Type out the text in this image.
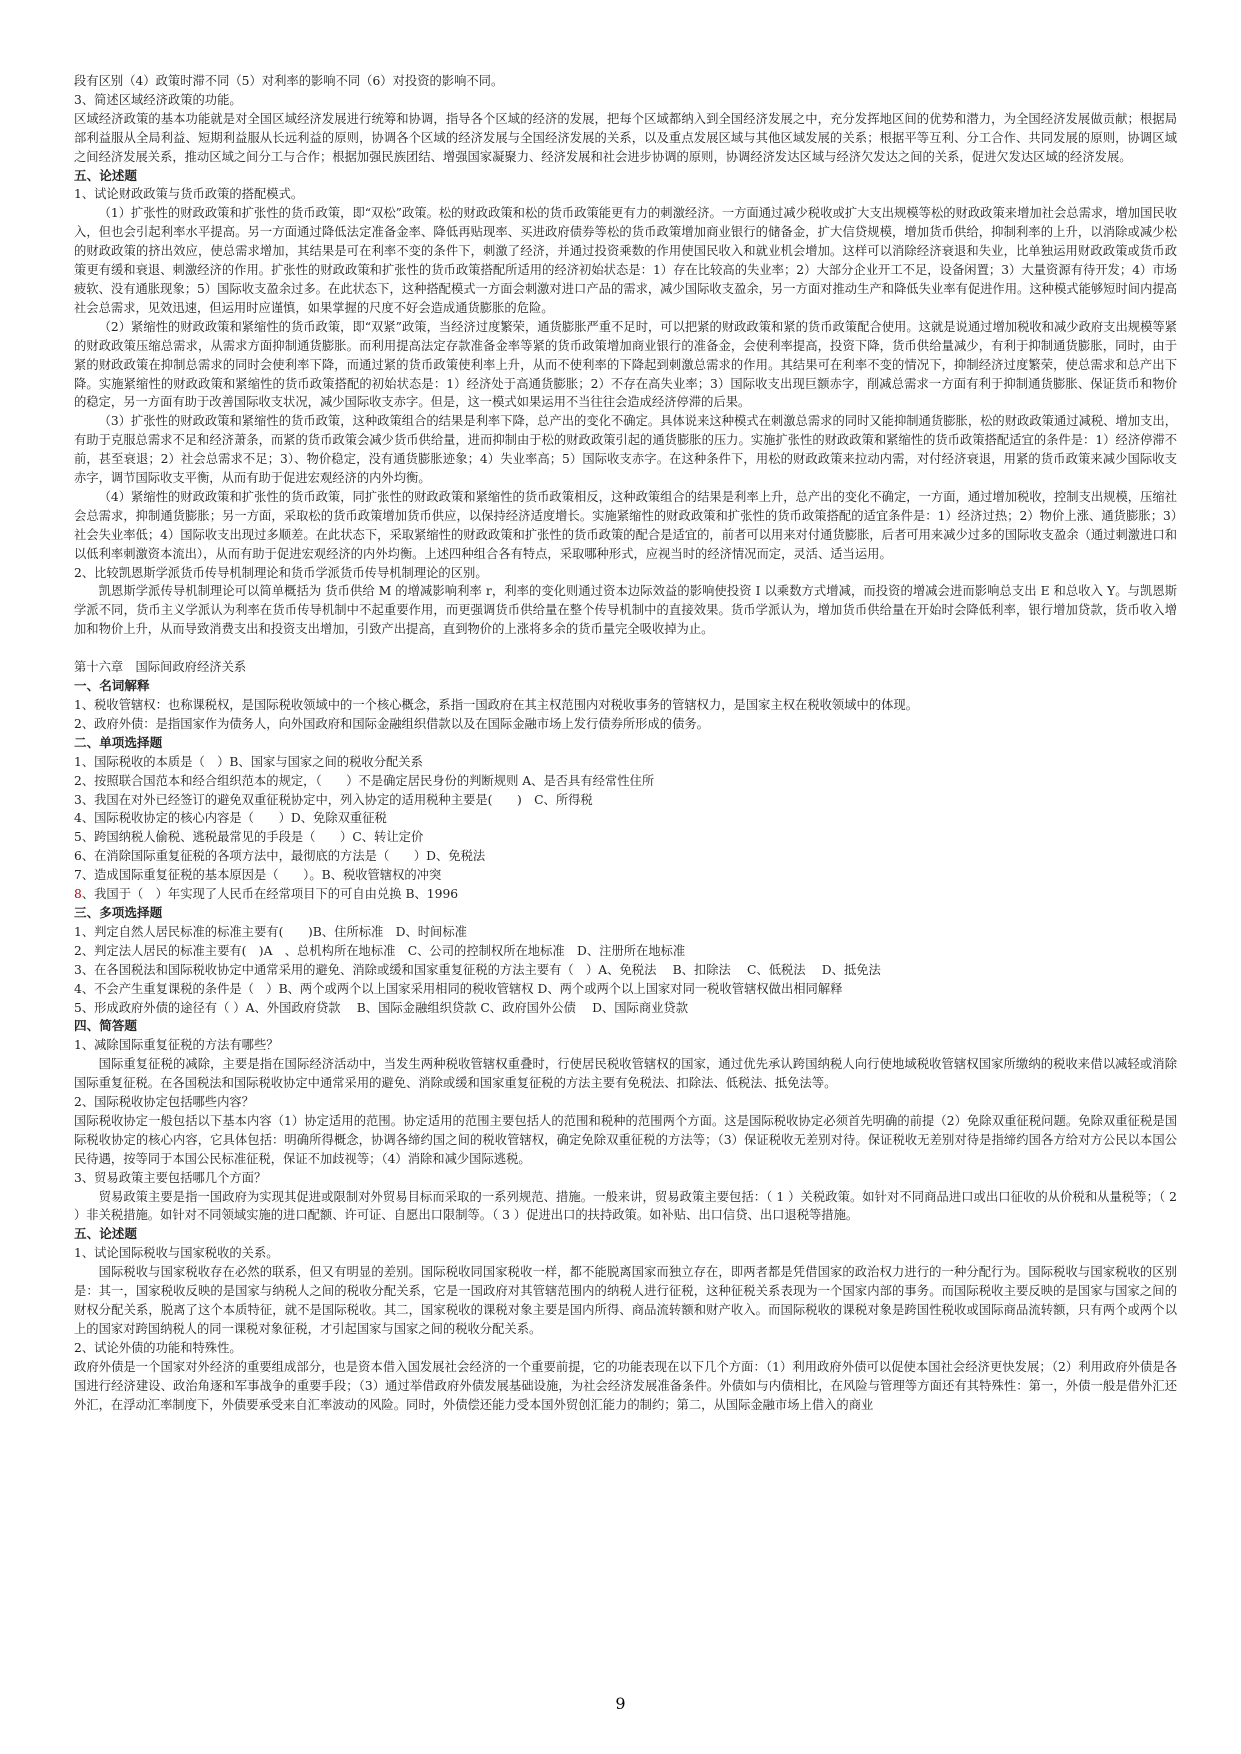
段有区别（4）政策时滞不同（5）对利率的影响不同（6）对投资的影响不同。

3、简述区域经济政策的功能。

区域经济政策的基本功能就是对全国区域经济发展进行统筹和协调，指导各个区域的经济的发展，把每个区域都纳入到全国经济发展之中，充分发挥地区间的优势和潜力，为全国经济发展做贡献；根据局部利益服从全局利益、短期利益服从长远利益的原则，协调各个区域的经济发展与全国经济发展的关系，以及重点发展区域与其他区域发展的关系；根据平等互利、分工合作、共同发展的原则，协调区域之间经济发展关系，推动区域之间分工与合作；根据加强民族团结、增强国家凝聚力、经济发展和社会进步协调的原则，协调经济发达区域与经济欠发达之间的关系，促进欠发达区域的经济发展。

五、论述题

1、试论财政政策与货币政策的搭配模式。

（1）扩张性的财政政策和扩张性的货币政策，即“双松”政策。松的财政政策和松的货币政策能更有力的刺激经济。一方面通过减少税收或扩大支出规模等松的财政政策来增加社会总需求，增加国民收入，但也会引起利率水平提高。另一方面通过降低法定准备金率、降低再贴现率、买进政府债券等松的货币政策增加商业银行的储备金，扩大信贷规模，增加货币供给，抑制利率的上升，以消除或减少松的财政政策的挤出效应，使总需求增加，其结果是可在利率不变的条件下，刺激了经济，并通过投资乘数的作用使国民收入和就业机会增加。这样可以消除经济衰退和失业，比单独运用财政政策或货币政策更有缓和衰退、刺激经济的作用。扩张性的财政政策和扩张性的货币政策搭配所适用的经济初始状态是：1）存在比较高的失业率；2）大部分企业开工不足，设备闲置；3）大量资源有待开发；4）市场疲软、没有通胀现象；5）国际收支盈余过多。在此状态下，这种搭配模式一方面会刺激对进口产品的需求，减少国际收支盈余，另一方面对推动生产和降低失业率有促进作用。这种模式能够短时间内提高社会总需求，见效迅速，但运用时应谨慎，如果掌握的尺度不好会造成通货膨胀的危险。

（2）紧缩性的财政政策和紧缩性的货币政策，即“双紧”政策，当经济过度繁荣，通货膨胀严重不足时，可以把紧的财政政策和紧的货币政策配合使用。这就是说通过增加税收和减少政府支出规模等紧的财政政策压缩总需求，从需求方面抑制通货膨胀。而利用提高法定存款准备金率等紧的货币政策增加商业银行的准备金，会使利率提高，投资下降，货币供给量减少，有利于抑制通货膨胀，同时，由于紧的财政政策在抑制总需求的同时会使利率下降，而通过紧的货币政策使利率上升，从而不使利率的下降起到刺激总需求的作用。其结果可在利率不变的情况下，抑制经济过度繁荣，使总需求和总产出下降。实施紧缩性的财政政策和紧缩性的货币政策搭配的初始状态是：1）经济处于高通货膨胀；2）不存在高失业率；3）国际收支出现巨额赤字，削减总需求一方面有利于抑制通货膨胀、保证货币和物价的稳定，另一方面有助于改善国际收支状况，减少国际收支赤字。但是，这一模式如果运用不当往往会造成经济停滞的后果。

（3）扩张性的财政政策和紧缩性的货币政策，这种政策组合的结果是利率下降，总产出的变化不确定。具体说来这种模式在刺激总需求的同时又能抑制通货膨胀，松的财政政策通过减税、增加支出，有助于克服总需求不足和经济萧条，而紧的货币政策会减少货币供给量，进而抑制由于松的财政政策引起的通货膨胀的压力。实施扩张性的财政政策和紧缩性的货币政策搭配适宜的条件是：1）经济停滞不前，甚至衰退；2）社会总需求不足；3）、物价稳定，没有通货膨胀迹象；4）失业率高；5）国际收支赤字。在这种条件下，用松的财政政策来拉动内需，对付经济衰退，用紧的货币政策来减少国际收支赤字，调节国际收支平衡，从而有助于促进宏观经济的内外均衡。

（4）紧缩性的财政政策和扩张性的货币政策，同扩张性的财政政策和紧缩性的货币政策相反，这种政策组合的结果是利率上升，总产出的变化不确定，一方面，通过增加税收，控制支出规模，压缩社会总需求，抑制通货膨胀；另一方面，采取松的货币政策增加货币供应，以保持经济适度增长。实施紧缩性的财政政策和扩张性的货币政策搭配的适宜条件是：1）经济过热；2）物价上涨、通货膨胀；3）社会失业率低；4）国际收支出现过多顺差。在此状态下，采取紧缩性的财政政策和扩张性的货币政策的配合是适宜的，前者可以用来对付通货膨胀，后者可用来减少过多的国际收支盈余（通过刺激进口和以低利率刺激资本流出），从而有助于促进宏观经济的内外均衡。上述四种组合各有特点，采取哪种形式，应视当时的经济情况而定，灵活、适当运用。

2、比较凯恩斯学派货币传导机制理论和货币学派货币传导机制理论的区别。

凯恩斯学派传导机制理论可以简单概括为 货币供给 M 的增减影响利率 r，利率的变化则通过资本边际效益的影响使投资 I 以乘数方式增减，而投资的增减会进而影响总支出 E 和总收入 Y。与凯恩斯学派不同，货币主义学派认为利率在货币传导机制中不起重要作用，而更强调货币供给量在整个传导机制中的直接效果。货币学派认为，增加货币供给量在开始时会降低利率，银行增加贷款，货币收入增加和物价上升，从而导致消费支出和投资支出增加，引致产出提高，直到物价的上涨将多余的货币量完全吸收掉为止。

第十六章　国际间政府经济关系

一、名词解释

1、税收管辖权：也称课税权，是国际税收领域中的一个核心概念，系指一国政府在其主权范围内对税收事务的管辖权力，是国家主权在税收领域中的体现。

2、政府外债：是指国家作为债务人，向外国政府和国际金融组织借款以及在国际金融市场上发行债券所形成的债务。

二、单项选择题

1、国际税收的本质是（　）B、国家与国家之间的税收分配关系

2、按照联合国范本和经合组织范本的规定，（　　）不是确定居民身份的判断规则 A、是否具有经常性住所

3、我国在对外已经签订的避免双重征税协定中，列入协定的适用税种主要是(　　)　C、所得税

4、国际税收协定的核心内容是（　　）D、免除双重征税

5、跨国纳税人偷税、逃税最常见的手段是（　　）C、转让定价

6、在消除国际重复征税的各项方法中，最彻底的方法是（　　）D、免税法

7、造成国际重复征税的基本原因是（　　）。B、税收管辖权的冲突

8、我国于（　）年实现了人民币在经常项目下的可自由兑换 B、1996

三、多项选择题

1、判定自然人居民标准的标准主要有(　　)B、住所标准　D、时间标准

2、判定法人居民的标准主要有(　)A　、总机构所在地标准　C、公司的控制权所在地标准　D、注册所在地标准

3、在各国税法和国际税收协定中通常采用的避免、消除或缓和国家重复征税的方法主要有（　）A、免税法　 B、扣除法　 C、低税法　 D、抵免法

4、不会产生重复课税的条件是（　）B、两个或两个以上国家采用相同的税收管辖权 D、两个或两个以上国家对同一税收管辖权做出相同解释

5、形成政府外债的途径有（ ）A、外国政府贷款　 B、国际金融组织贷款 C、政府国外公债　 D、国际商业贷款

四、简答题

1、减除国际重复征税的方法有哪些？

国际重复征税的减除，主要是指在国际经济活动中，当发生两种税收管辖权重叠时，行使居民税收管辖权的国家，通过优先承认跨国纳税人向行使地域税收管辖权国家所缴纳的税收来借以减轻或消除国际重复征税。在各国税法和国际税收协定中通常采用的避免、消除或缓和国家重复征税的方法主要有免税法、扣除法、低税法、抵免法等。

2、国际税收协定包括哪些内容？

国际税收协定一般包括以下基本内容（1）协定适用的范围。协定适用的范围主要包括人的范围和税种的范围两个方面。这是国际税收协定必须首先明确的前提（2）免除双重征税问题。免除双重征税是国际税收协定的核心内容，它具体包括：明确所得概念，协调各缔约国之间的税收管辖权，确定免除双重征税的方法等；（3）保证税收无差别对待。保证税收无差别对待是指缔约国各方给对方公民以本国公民待遇，按等同于本国公民标准征税，保证不加歧视等；（4）消除和减少国际逃税。

3、贸易政策主要包括哪几个方面？

贸易政策主要是指一国政府为实现其促进或限制对外贸易目标而采取的一系列规范、措施。一般来讲，贸易政策主要包括：（ 1 ）关税政策。如针对不同商品进口或出口征收的从价税和从量税等；（ 2 ）非关税措施。如针对不同领域实施的进口配额、许可证、自愿出口限制等。（ 3 ）促进出口的扶持政策。如补贴、出口信贷、出口退税等措施。

五、论述题

1、试论国际税收与国家税收的关系。

国际税收与国家税收存在必然的联系，但又有明显的差别。国际税收同国家税收一样，都不能脱离国家而独立存在，即两者都是凭借国家的政治权力进行的一种分配行为。国际税收与国家税收的区别是：其一，国家税收反映的是国家与纳税人之间的税收分配关系，它是一国政府对其管辖范围内的纳税人进行征税，这种征税关系表现为一个国家内部的事务。而国际税收主要反映的是国家与国家之间的财权分配关系，脱离了这个本质特征，就不是国际税收。其二，国家税收的课税对象主要是国内所得、商品流转额和财产收入。而国际税收的课税对象是跨国性税收或国际商品流转额，只有两个或两个以上的国家对跨国纳税人的同一课税对象征税，才引起国家与国家之间的税收分配关系。

2、试论外债的功能和特殊性。

政府外债是一个国家对外经济的重要组成部分，也是资本借入国发展社会经济的一个重要前提，它的功能表现在以下几个方面：（1）利用政府外债可以促使本国社会经济更快发展；（2）利用政府外债是各国进行经济建设、政治角逐和军事战争的重要手段；（3）通过举借政府外债发展基础设施，为社会经济发展准备条件。外债如与内债相比，在风险与管理等方面还有其特殊性：第一，外债一般是借外汇还外汇，在浮动汇率制度下，外债要承受来自汇率波动的风险。同时，外债偿还能力受本国外贸创汇能力的制约；第二，从国际金融市场上借入的商业

9
